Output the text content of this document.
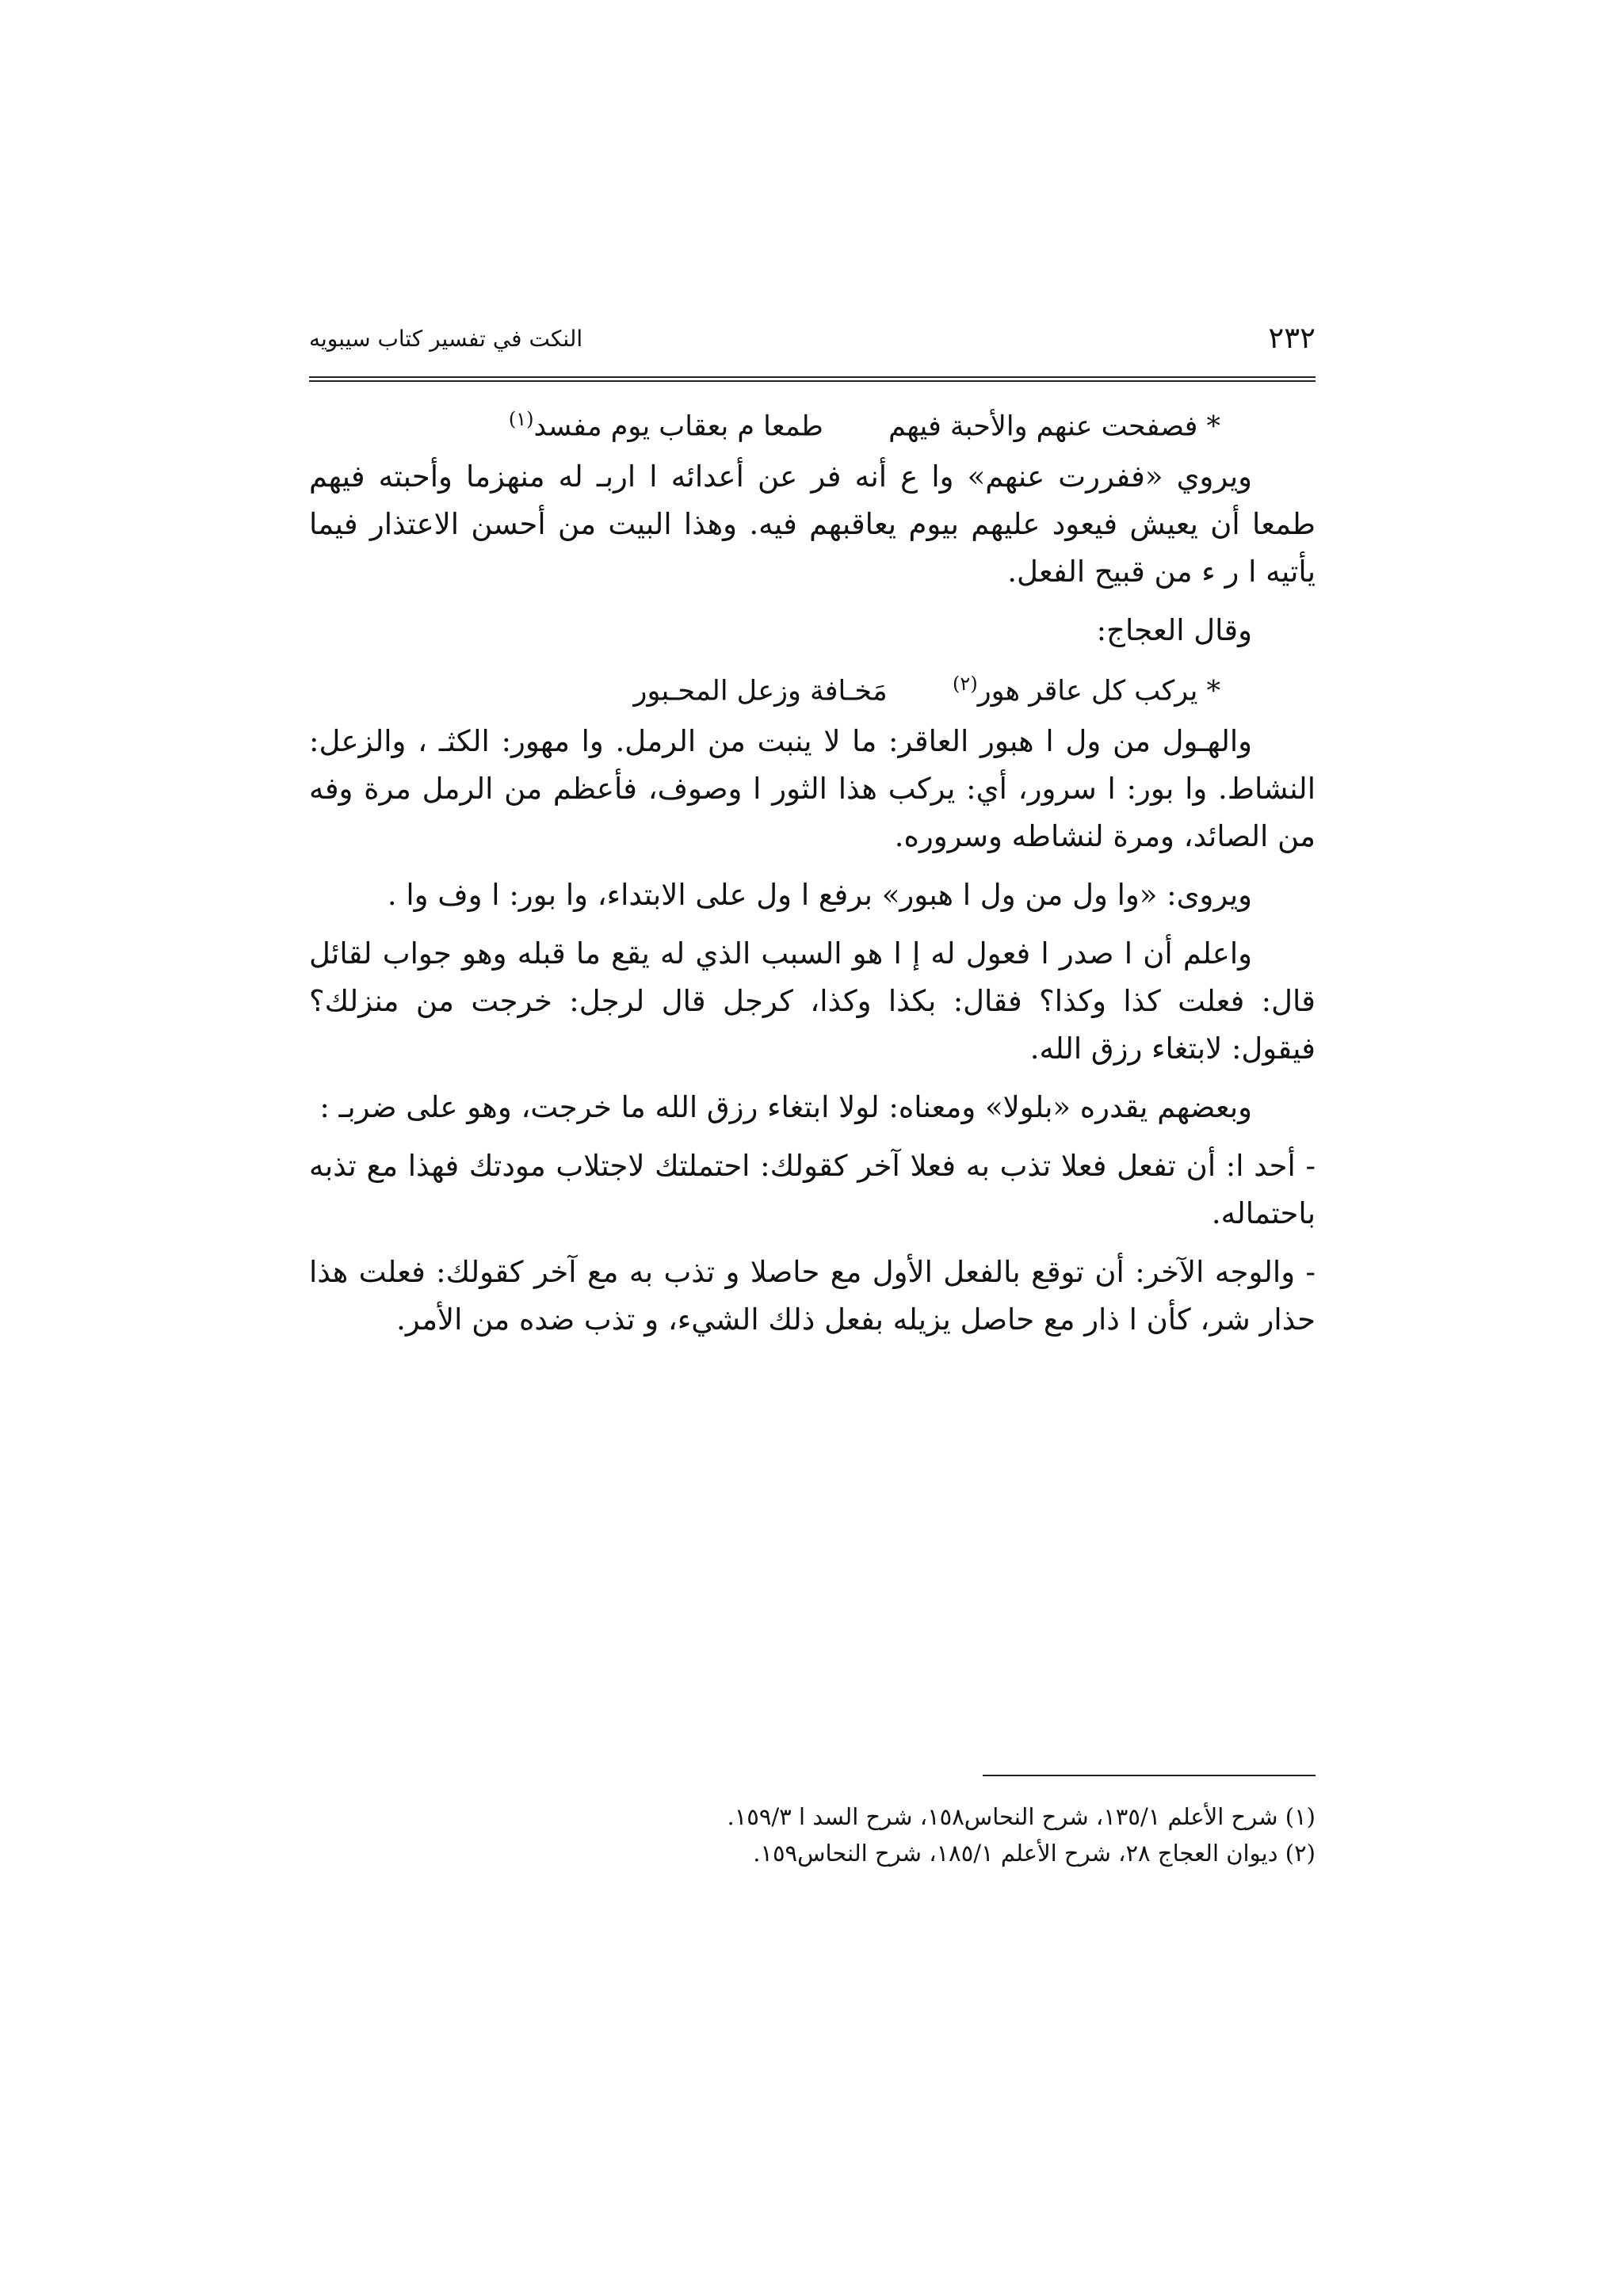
٢٣٢
النكت في تفسير كتاب سيبويه
* فصفحت عنهم والأحبة فيهم  طمعا م بعقاب يوم مفسد$^{(١)}$

ويروي «ففررت عنهم» وا ع أنه فر عن أعدائه ا اربـ له منهزما وأحبته فيهم طمعا أن يعيش فيعود عليهم بيوم يعاقبهم فيه. وهذا البيت من أحسن الاعتذار فيما يأتيه ا ر ء من قبيح الفعل.

وقال العجاج:

* يركب كل عاقر هور$^{(٢)}$  مَخـافة وزعل المحـبور

والهـول من ول ا هبور العاقر: ما لا ينبت من الرمل. وا مهور: الكثـ ، والزعل: النشاط. وا بور: ا سرور، أي: يركب هذا الثور ا وصوف، فأعظم من الرمل مرة وفه من الصائد، ومرة لنشاطه وسروره.

ويروى: «وا ول من ول ا هبور» برفع ا ول على الابتداء، وا بور: ا وف وا .

واعلم أن ا صدر ا فعول له إ ا هو السبب الذي له يقع ما قبله وهو جواب لقائل قال: فعلت كذا وكذا؟ فقال: بكذا وكذا، كرجل قال لرجل: خرجت من منزلك؟ فيقول: لابتغاء رزق الله.

وبعضهم يقدره «بلولا» ومعناه: لولا ابتغاء رزق الله ما خرجت، وهو على ضربـ :

- أحد ا: أن تفعل فعلا تذب به فعلا آخر كقولك: احتملتك لاجتلاب مودتك فهذا مع تذبه باحتماله.

- والوجه الآخر: أن توقع بالفعل الأول مع حاصلا و تذب به مع آخر كقولك: فعلت هذا حذار شر، كأن ا ذار مع حاصل يزيله بفعل ذلك الشيء، و تذب ضده من الأمر.

(١) شرح الأعلم ١٣٥/١، شرح النحاس١٥٨، شرح السد ا ١٥٩/٣.

(٢) ديوان العجاج ٢٨، شرح الأعلم ١٨٥/١، شرح النحاس١٥٩.
